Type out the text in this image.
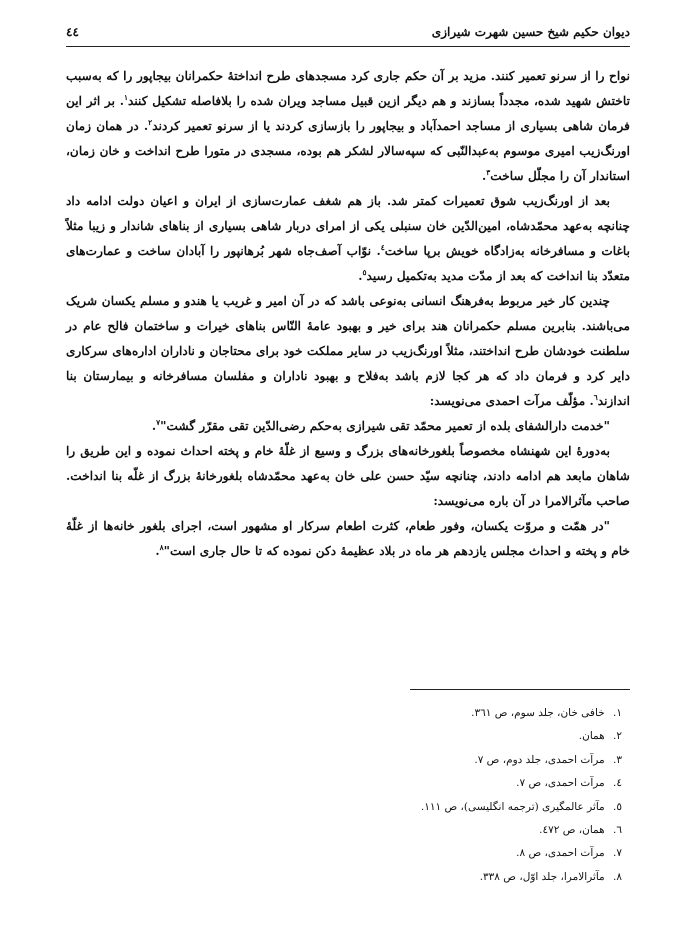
دیوان حکیم شیخ حسین شهرت شیرازی
٤٤

نواح را از سرنو تعمیر کنند. مزید بر آن حکم جاری کرد مسجدهای طرح انداختهٔ حکمرانان بیجاپور را که به‌سبب تاختش شهید شده، مجدداً بسازند و هم دیگر ازین قبیل مساجد ویران شده را بلافاصله تشکیل کنند$^١$. بر اثر این فرمان شاهی بسیاری از مساجد احمدآباد و بیجاپور را بازسازی کردند یا از سرنو تعمیر کردند$^٢$. در همان زمان اورنگ‌زیب امیری موسوم به‌عبدالنّبی که سپه‌سالار لشکر هم بوده، مسجدی در متورا طرح انداخت و خان زمان، استاندار آن را مجلّل ساخت$^٣$.

بعد از اورنگ‌زیب شوق تعمیرات کمتر شد. باز هم شغف عمارت‌سازی از ایران و اعیان دولت ادامه داد چنانچه به‌عهد محمّدشاه، امین‌الدّین خان سنبلی یکی از امرای دربار شاهی بسیاری از بناهای شاندار و زیبا مثلاً باغات و مسافرخانه به‌زادگاه خویش برپا ساخت$^٤$. نوّاب آصف‌جاه شهر بُرهانپور را آبادان ساخت و عمارت‌های متعدّد بنا انداخت که بعد از مدّت مدید به‌تکمیل رسید$^٥$.

چندین کار خیر مربوط به‌فرهنگ انسانی به‌نوعی باشد که در آن امیر و غریب یا هندو و مسلم یکسان شریک می‌باشند. بنابرین مسلم حکمرانان هند برای خیر و بهبود عامهٔ النّاس بناهای خیرات و ساختمان فالح عام در سلطنت خودشان طرح انداختند، مثلاً اورنگ‌زیب در سایر مملکت خود برای محتاجان و ناداران اداره‌های سرکاری دایر کرد و فرمان داد که هر کجا لازم باشد به‌فلاح و بهبود ناداران و مفلسان مسافرخانه و بیمارستان بنا اندازند$^٦$. مؤلّف مرآت احمدی می‌نویسد:

"خدمت دارالشفای بلده از تعمیر محمّد تقی شیرازی به‌حکم رضی‌الدّین تقی مقرّر گشت"$^٧$.

به‌دورهٔ این شهنشاه مخصوصاً بلغورخانه‌های بزرگ و وسیع از غلّهٔ خام و پخته احداث نموده و این طریق را شاهان مابعد هم ادامه دادند، چنانچه سیّد حسن علی خان به‌عهد محمّدشاه بلغورخانهٔ بزرگ از غلّه بنا انداخت. صاحب مآثرالامرا در آن باره می‌نویسد:

"در همّت و مروّت یکسان، وفور طعام، کثرت اطعام سرکار او مشهور است، اجرای بلغور خانه‌ها از غلّهٔ خام و پخته و احداث مجلس یازدهم هر ماه در بلاد عظیمهٔ دکن نموده که تا حال جاری است"$^٨$.

١.

خافی خان، جلد سوم، ص ٣٦١.
٢.

همان.
٣.

مرآت احمدی، جلد دوم، ص ٧.
٤.

مرآت احمدی، ص ٧.
٥.

مآثر عالمگیری (ترجمه انگلیسی)، ص ١١١.
٦.

همان، ص ٤٧٢.
٧.

مرآت احمدی، ص ٨.
٨.

مآثرالامرا، جلد اوّل، ص ٣٣٨.
